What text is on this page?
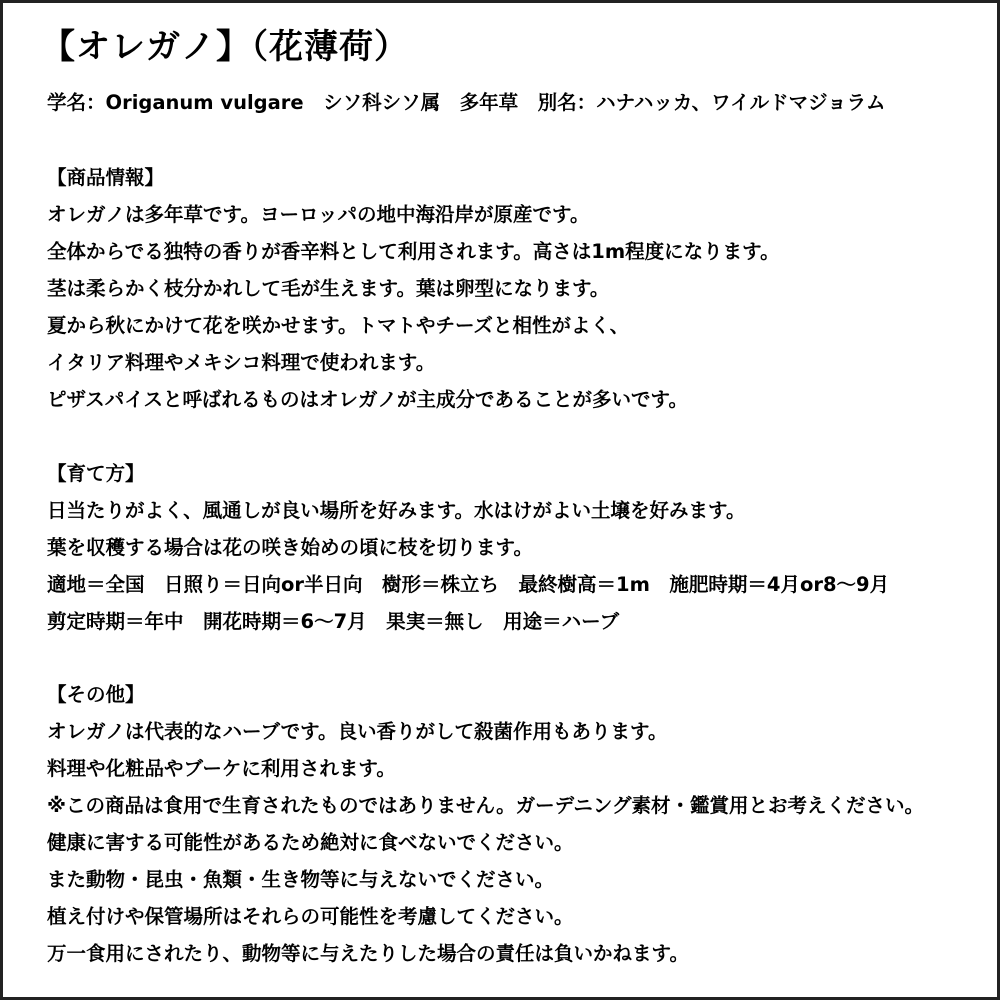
【オレガノ】（花薄荷）
学名：Origanum vulgare　シソ科シソ属　多年草　別名：ハナハッカ、ワイルドマジョラム
【商品情報】
オレガノは多年草です。ヨーロッパの地中海沿岸が原産です。
全体からでる独特の香りが香辛料として利用されます。高さは1m程度になります。
茎は柔らかく枝分かれして毛が生えます。葉は卵型になります。
夏から秋にかけて花を咲かせます。トマトやチーズと相性がよく、
イタリア料理やメキシコ料理で使われます。
ピザスパイスと呼ばれるものはオレガノが主成分であることが多いです。
【育て方】
日当たりがよく、風通しが良い場所を好みます。水はけがよい土壌を好みます。
葉を収穫する場合は花の咲き始めの頃に枝を切ります。
適地＝全国　日照り＝日向or半日向　樹形＝株立ち　最終樹高＝1m　施肥時期＝4月or8～9月
剪定時期＝年中　開花時期＝6～7月　果実＝無し　用途＝ハーブ
【その他】
オレガノは代表的なハーブです。良い香りがして殺菌作用もあります。
料理や化粧品やブーケに利用されます。
※この商品は食用で生育されたものではありません。ガーデニング素材・鑑賞用とお考えください。
健康に害する可能性があるため絶対に食べないでください。
また動物・昆虫・魚類・生き物等に与えないでください。
植え付けや保管場所はそれらの可能性を考慮してください。
万一食用にされたり、動物等に与えたりした場合の責任は負いかねます。
